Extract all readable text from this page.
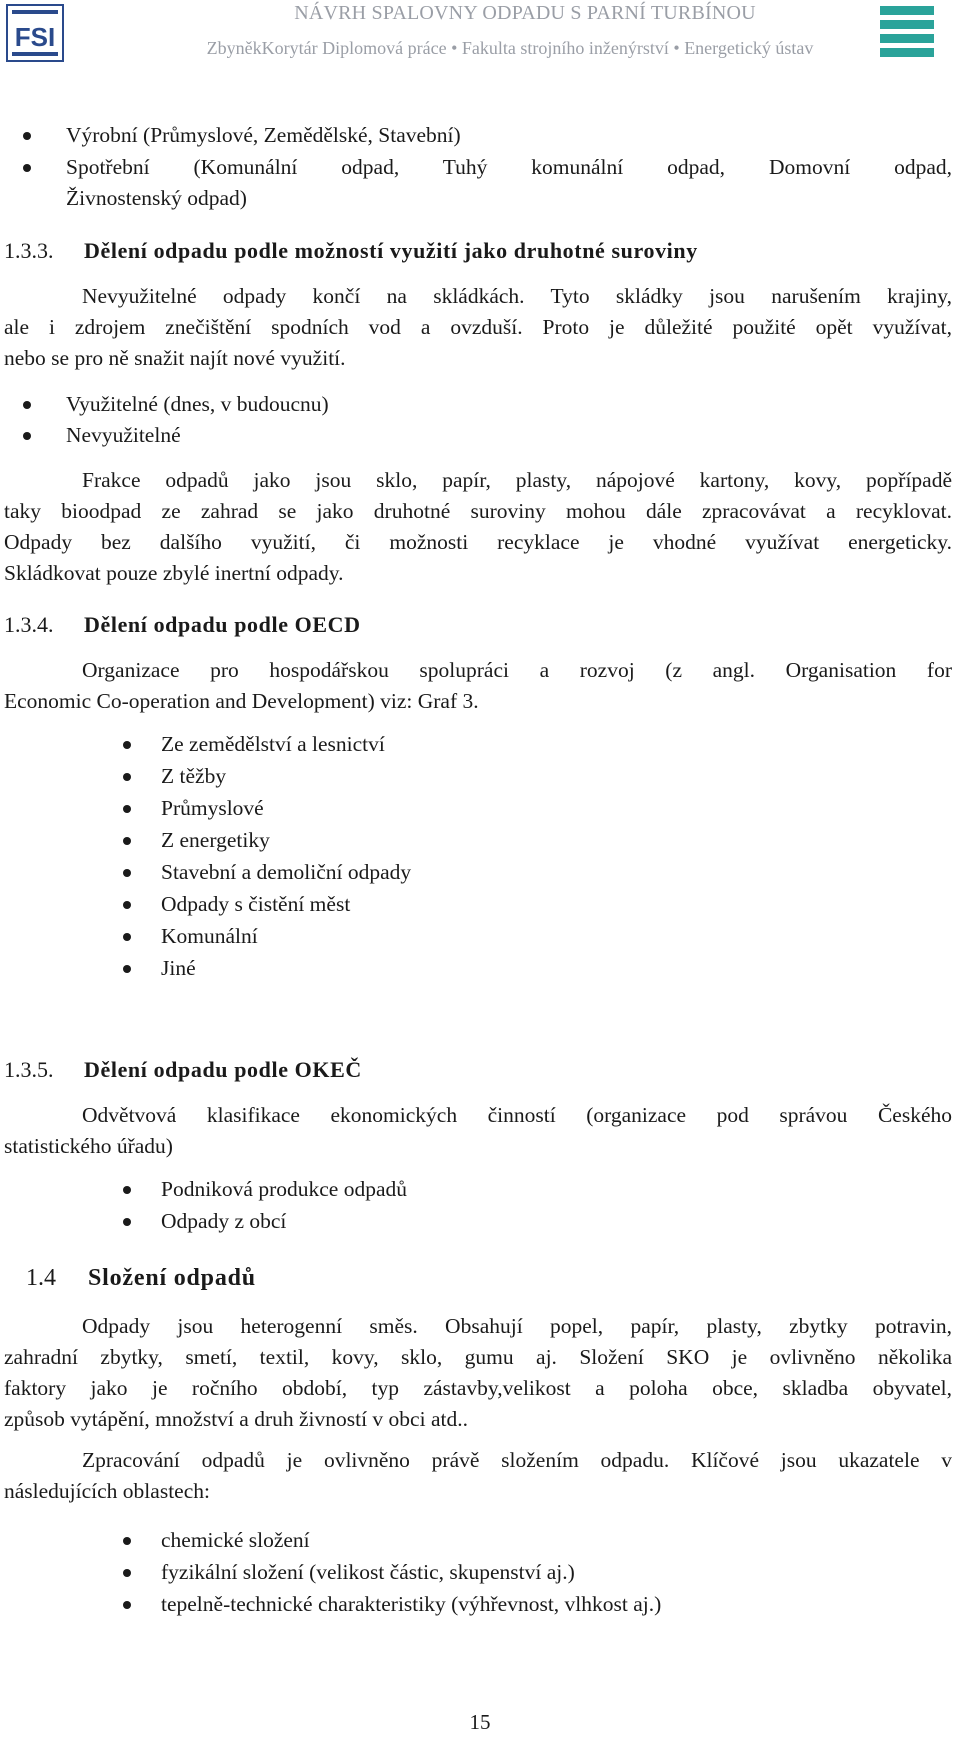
FSI
NÁVRH SPALOVNY ODPADU S PARNÍ TURBÍNOU
ZbyněkKorytár Diplomová práce • Fakulta strojního inženýrství • Energetický ústav
Výrobní (Průmyslové, Zemědělské, Stavební)
Spotřební (Komunální odpad, Tuhý komunální odpad, Domovní odpad,
Živnostenský odpad)
1.3.3. Dělení odpadu podle možností využití jako druhotné suroviny
Nevyužitelné odpady končí na skládkách. Tyto skládky jsou narušením krajiny,
ale i zdrojem znečištění spodních vod a ovzduší. Proto je důležité použité opět využívat,
nebo se pro ně snažit najít nové využití.
Využitelné (dnes, v budoucnu)
Nevyužitelné
Frakce odpadů jako jsou sklo, papír, plasty, nápojové kartony, kovy, popřípadě
taky bioodpad ze zahrad se jako druhotné suroviny mohou dále zpracovávat a recyklovat.
Odpady bez dalšího využití, či možnosti recyklace je vhodné využívat energeticky.
Skládkovat pouze zbylé inertní odpady.
1.3.4. Dělení odpadu podle OECD
Organizace pro hospodářskou spolupráci a rozvoj (z angl. Organisation for
Economic Co-operation and Development) viz: Graf 3.
Ze zemědělství a lesnictví
Z těžby
Průmyslové
Z energetiky
Stavební a demoliční odpady
Odpady s čistění měst
Komunální
Jiné
1.3.5. Dělení odpadu podle OKEČ
Odvětvová klasifikace ekonomických činností (organizace pod správou Českého
statistického úřadu)
Podniková produkce odpadů
Odpady z obcí
1.4 Složení odpadů
Odpady jsou heterogenní směs. Obsahují popel, papír, plasty, zbytky potravin,
zahradní zbytky, smetí, textil, kovy, sklo, gumu aj. Složení SKO je ovlivněno několika
faktory jako je ročního období, typ zástavby,velikost a poloha obce, skladba obyvatel,
způsob vytápění, množství a druh živností v obci atd..
Zpracování odpadů je ovlivněno právě složením odpadu. Klíčové jsou ukazatele v
následujících oblastech:
chemické složení
fyzikální složení (velikost částic, skupenství aj.)
tepelně-technické charakteristiky (výhřevnost, vlhkost aj.)
15
